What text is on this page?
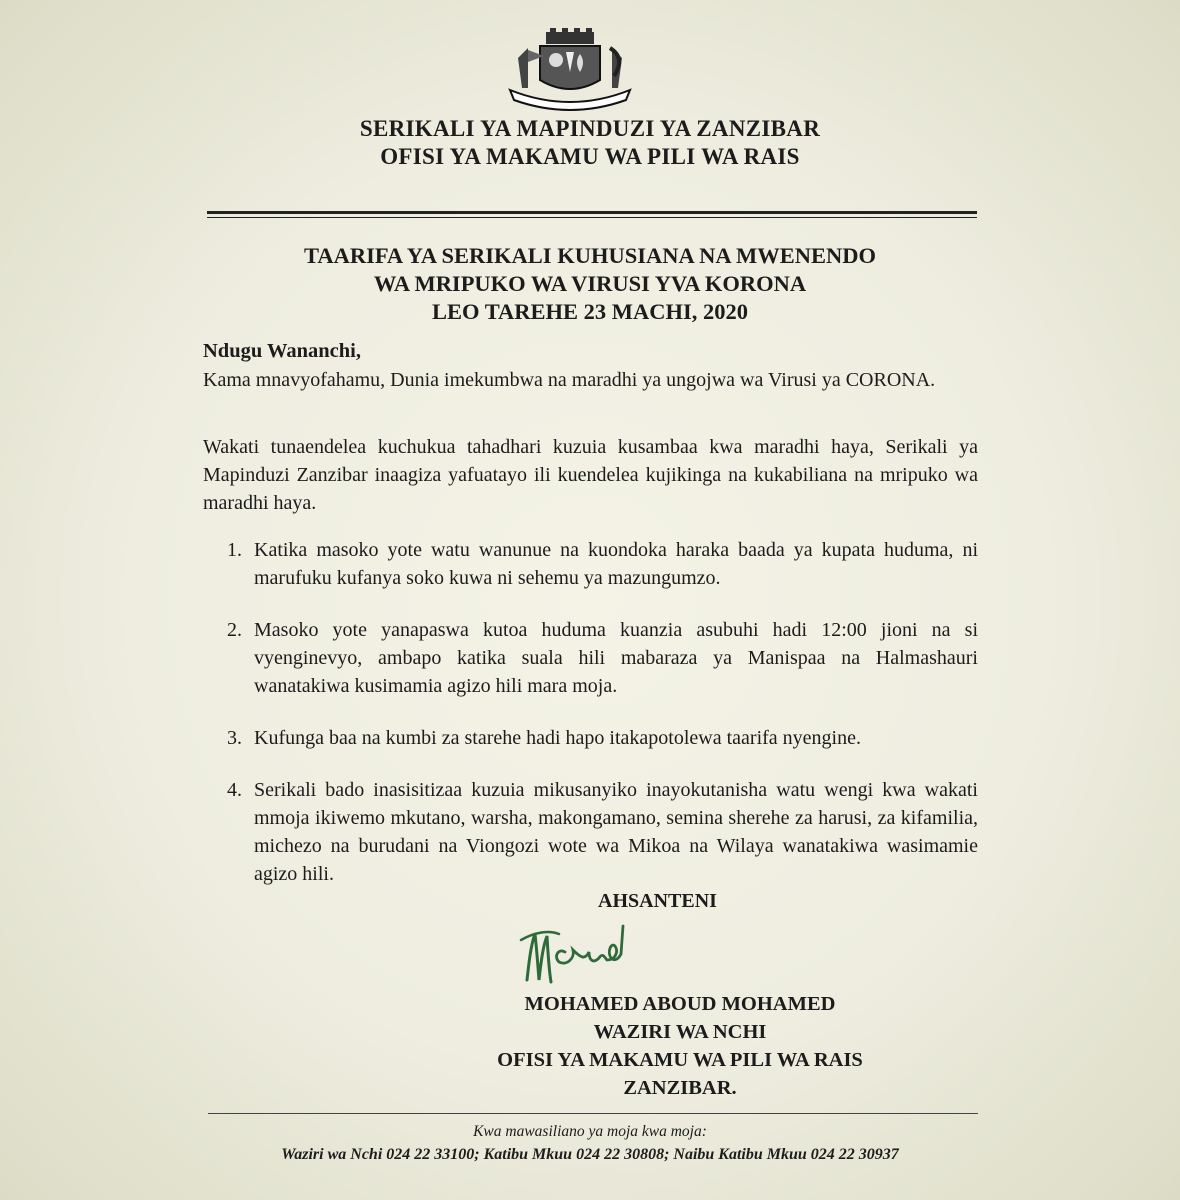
SERIKALI YA MAPINDUZI YA ZANZIBAR
OFISI YA MAKAMU WA PILI WA RAIS
TAARIFA YA SERIKALI KUHUSIANA NA MWENENDO
WA MRIPUKO WA VIRUSI YVA KORONA
LEO TAREHE 23 MACHI, 2020
Ndugu Wananchi,
Kama mnavyofahamu, Dunia imekumbwa na maradhi ya ungojwa wa Virusi ya CORONA.
Wakati tunaendelea kuchukua tahadhari kuzuia kusambaa kwa maradhi haya, Serikali ya Mapinduzi Zanzibar inaagiza yafuatayo ili kuendelea kujikinga na kukabiliana na mripuko wa maradhi haya.
1. Katika masoko yote watu wanunue na kuondoka haraka baada ya kupata huduma, ni marufuku kufanya soko kuwa ni sehemu ya mazungumzo.
2. Masoko yote yanapaswa kutoa huduma kuanzia asubuhi hadi 12:00 jioni na si vyenginevyo, ambapo katika suala hili mabaraza ya Manispaa na Halmashauri wanatakiwa kusimamia agizo hili mara moja.
3. Kufunga baa na kumbi za starehe hadi hapo itakapotolewa taarifa nyengine.
4. Serikali bado inasisitizaa kuzuia mikusanyiko inayokutanisha watu wengi kwa wakati mmoja ikiwemo mkutano, warsha, makongamano, semina sherehe za harusi, za kifamilia, michezo na burudani na Viongozi wote wa Mikoa na Wilaya wanatakiwa wasimamie agizo hili.
AHSANTENI
MOHAMED ABOUD MOHAMED
WAZIRI WA NCHI
OFISI YA MAKAMU WA PILI WA RAIS
ZANZIBAR.
Kwa mawasiliano ya moja kwa moja:
Waziri wa Nchi 024 22 33100; Katibu Mkuu 024 22 30808; Naibu Katibu Mkuu 024 22 30937
